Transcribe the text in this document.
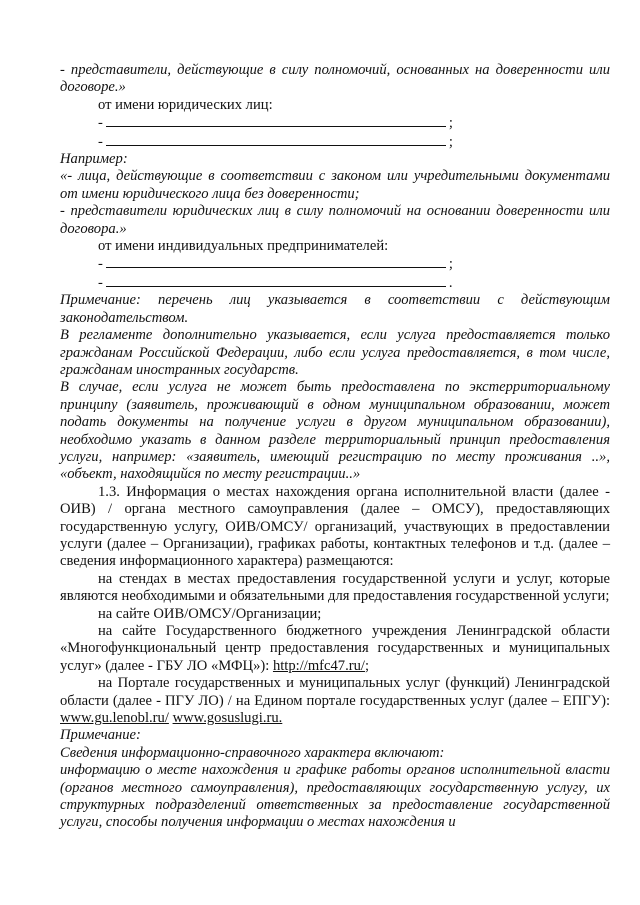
- представители, действующие в силу полномочий, основанных на доверенности или договоре.»

от имени юридических лиц:

-	;
-	;

Например:

«- лица, действующие в соответствии с законом или учредительными документами от имени юридического лица без доверенности;

- представители юридических лиц в силу полномочий на основании доверенности или договора.»

от имени индивидуальных предпринимателей:

-	;
-	.

Примечание: перечень лиц указывается в соответствии с действующим законодательством.

В регламенте дополнительно указывается, если услуга предоставляется только гражданам Российской Федерации, либо если услуга предоставляется, в том числе, гражданам иностранных государств.

В случае, если услуга не может быть предоставлена по экстерриториальному принципу (заявитель, проживающий в одном муниципальном образовании, может подать документы на получение услуги в другом муниципальном образовании), необходимо указать в данном разделе территориальный принцип предоставления услуги, например: «заявитель, имеющий регистрацию по месту проживания ..», «объект, находящийся по месту регистрации..»

1.3. Информация о местах нахождения органа исполнительной власти (далее - ОИВ) / органа местного самоуправления (далее – ОМСУ), предоставляющих государственную услугу, ОИВ/ОМСУ/ организаций, участвующих в предоставлении услуги (далее – Организации), графиках работы, контактных телефонов и т.д. (далее – сведения информационного характера) размещаются:

на стендах в местах предоставления государственной услуги и услуг, которые являются необходимыми и обязательными для предоставления государственной услуги;

на сайте ОИВ/ОМСУ/Организации;

на сайте Государственного бюджетного учреждения Ленинградской области «Многофункциональный центр предоставления государственных и муниципальных услуг» (далее - ГБУ ЛО «МФЦ»): http://mfc47.ru/;

на Портале государственных и муниципальных услуг (функций) Ленинградской области (далее - ПГУ ЛО) / на Едином портале государственных услуг (далее – ЕПГУ): www.gu.lenobl.ru/ www.gosuslugi.ru.

Примечание:

Сведения информационно-справочного характера включают:

информацию о месте нахождения и графике работы органов исполнительной власти (органов местного самоуправления), предоставляющих государственную услугу, их структурных подразделений ответственных за предоставление государственной услуги, способы получения информации о местах нахождения и
